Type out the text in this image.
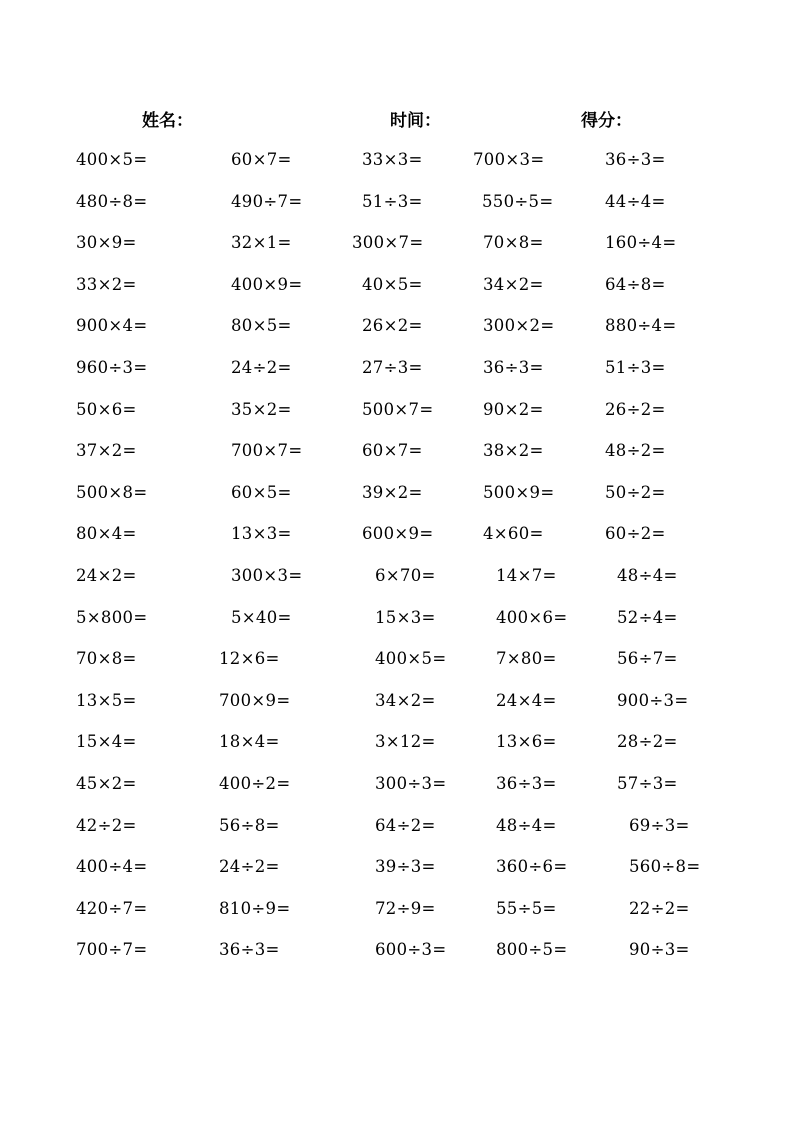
姓名：	时间：	得分：
400×5=	60×7=	33×3=	700×3=	36÷3=
480÷8=	490÷7=	51÷3=	550÷5=	44÷4=
30×9=	32×1=	300×7=	70×8=	160÷4=
33×2=	400×9=	40×5=	34×2=	64÷8=
900×4=	80×5=	26×2=	300×2=	880÷4=
960÷3=	24÷2=	27÷3=	36÷3=	51÷3=
50×6=	35×2=	500×7=	90×2=	26÷2=
37×2=	700×7=	60×7=	38×2=	48÷2=
500×8=	60×5=	39×2=	500×9=	50÷2=
80×4=	13×3=	600×9=	4×60=	60÷2=
24×2=	300×3=	6×70=	14×7=	48÷4=
5×800=	5×40=	15×3=	400×6=	52÷4=
70×8=	12×6=	400×5=	7×80=	56÷7=
13×5=	700×9=	34×2=	24×4=	900÷3=
15×4=	18×4=	3×12=	13×6=	28÷2=
45×2=	400÷2=	300÷3=	36÷3=	57÷3=
42÷2=	56÷8=	64÷2=	48÷4=	69÷3=
400÷4=	24÷2=	39÷3=	360÷6=	560÷8=
420÷7=	810÷9=	72÷9=	55÷5=	22÷2=
700÷7=	36÷3=	600÷3=	800÷5=	90÷3=
